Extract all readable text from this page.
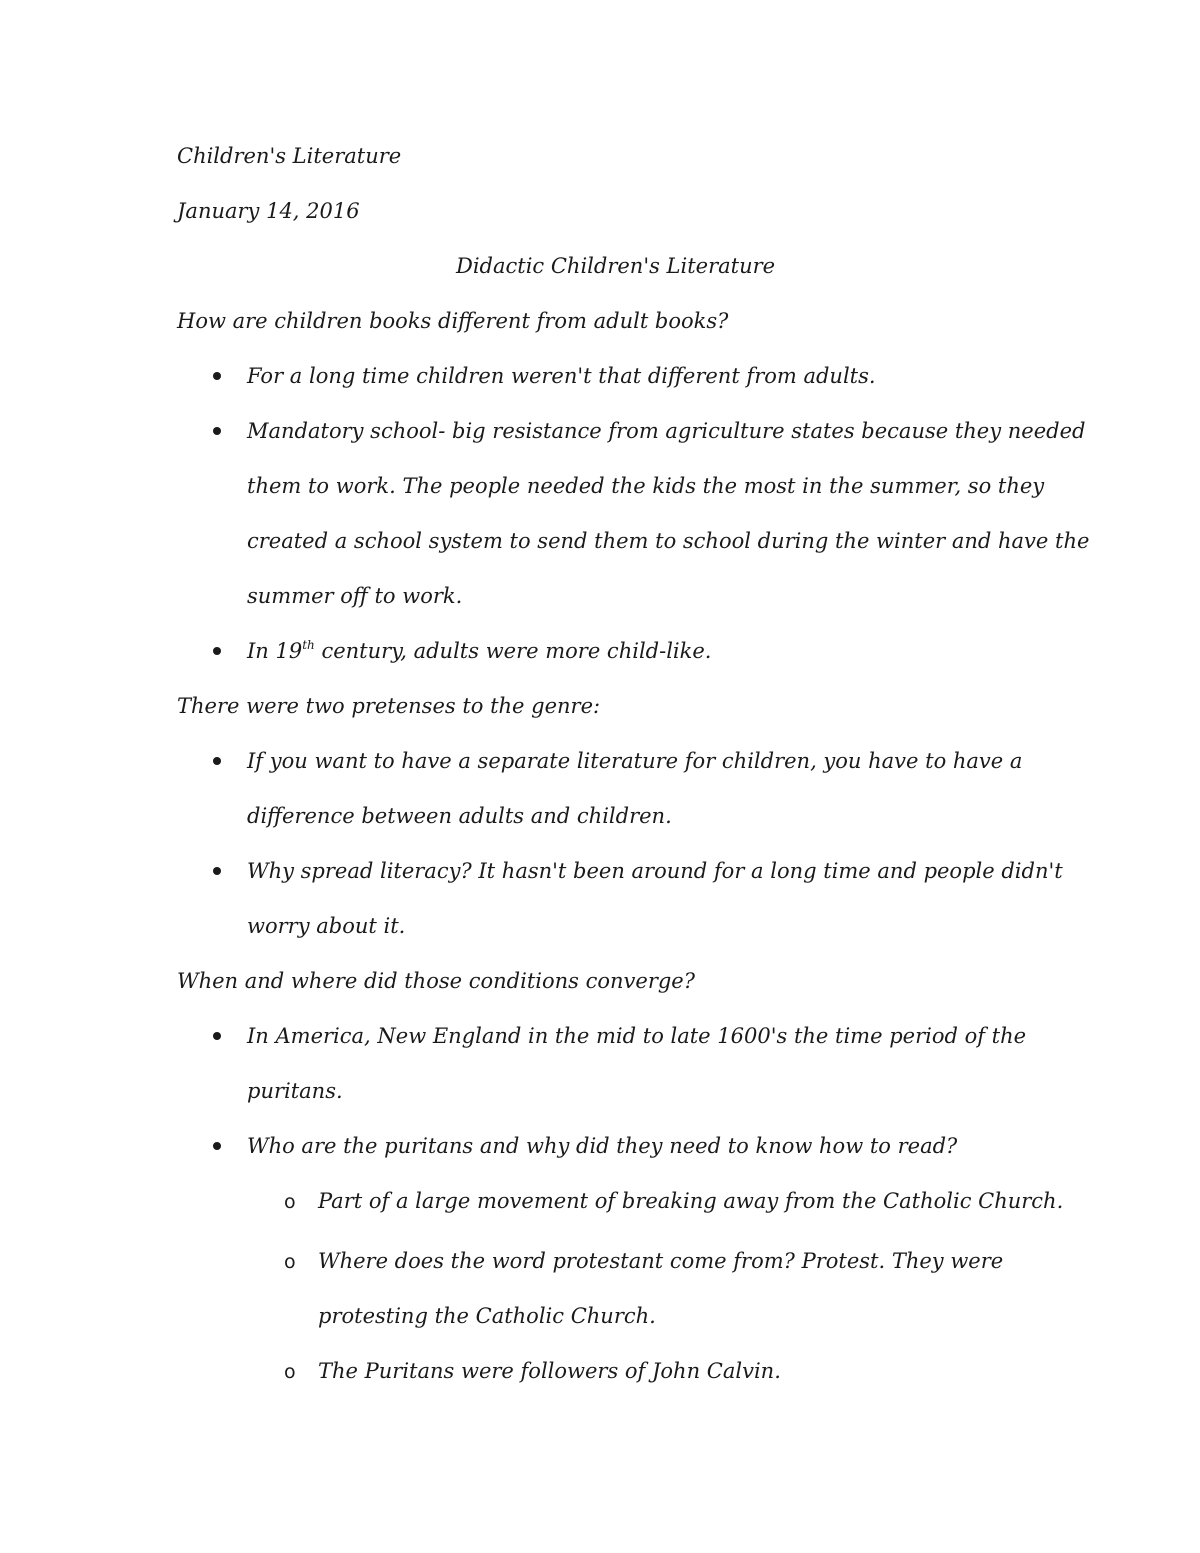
Children's Literature
January 14, 2016
Didactic Children's Literature
How are children books different from adult books?
For a long time children weren't that different from adults.
Mandatory school- big resistance from agriculture states because they needed
them to work. The people needed the kids the most in the summer, so they
created a school system to send them to school during the winter and have the
summer off to work.
In 19th century, adults were more child-like.
There were two pretenses to the genre:
If you want to have a separate literature for children, you have to have a
difference between adults and children.
Why spread literacy? It hasn't been around for a long time and people didn't
worry about it.
When and where did those conditions converge?
In America, New England in the mid to late 1600's the time period of the
puritans.
Who are the puritans and why did they need to know how to read?
o Part of a large movement of breaking away from the Catholic Church.
o Where does the word protestant come from? Protest. They were
protesting the Catholic Church.
o The Puritans were followers of John Calvin.
